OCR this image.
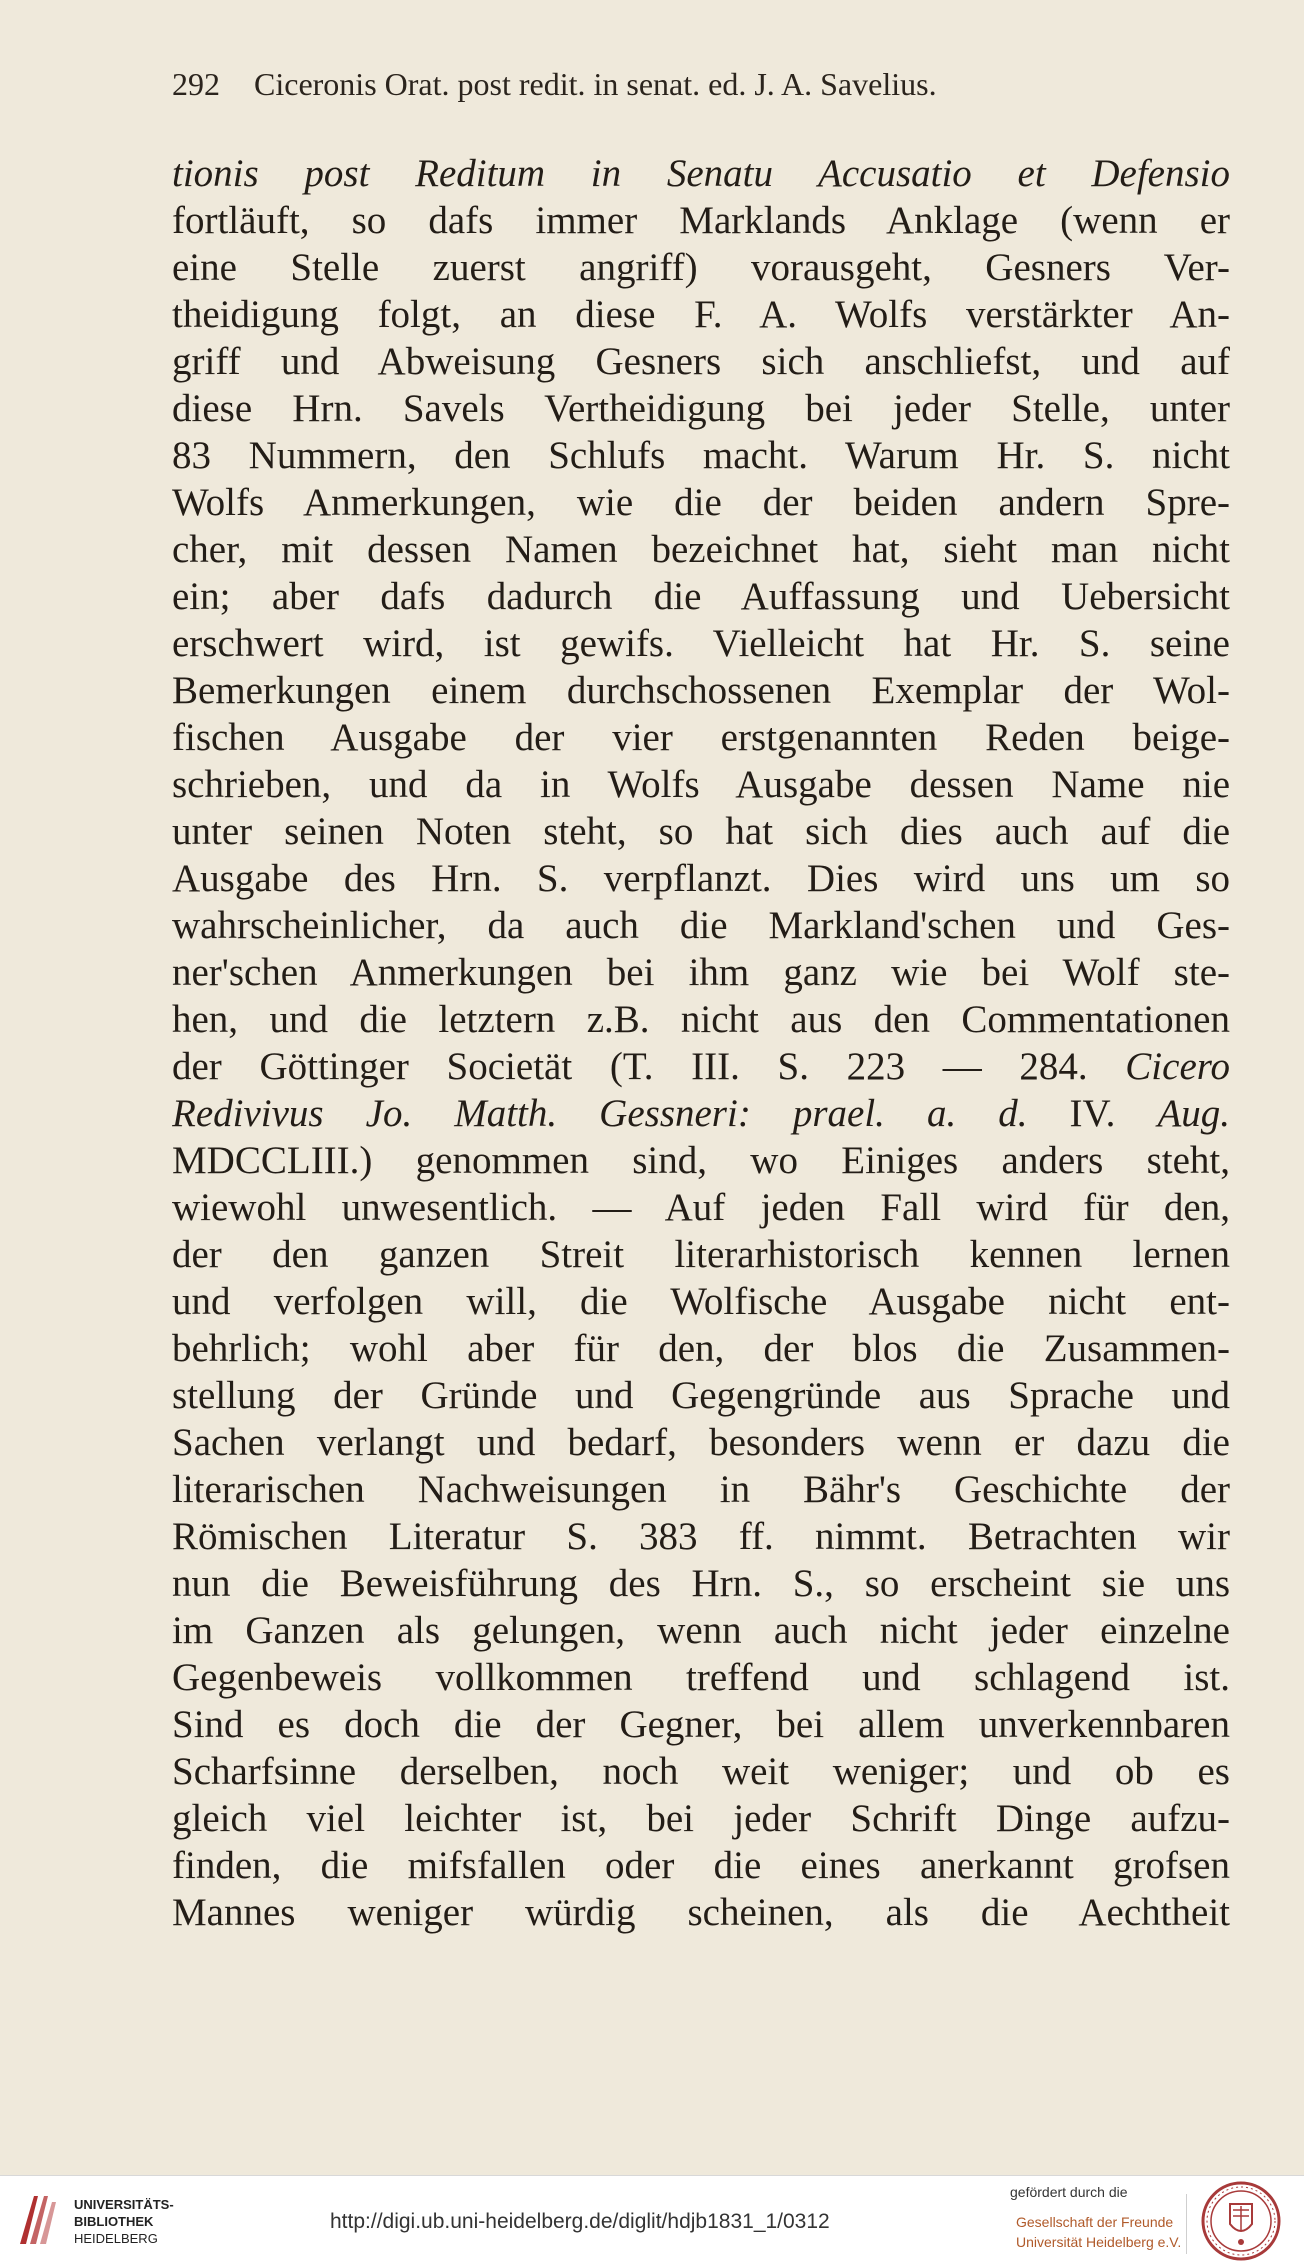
292 Ciceronis Orat. post redit. in senat. ed. J. A. Savelius.
tionis post Reditum in Senatu Accusatio et Defensio
fortläuft, so dafs immer Marklands Anklage (wenn er
eine Stelle zuerst angriff) vorausgeht, Gesners Ver-
theidigung folgt, an diese F. A. Wolfs verstärkter An-
griff und Abweisung Gesners sich anschliefst, und auf
diese Hrn. Savels Vertheidigung bei jeder Stelle, unter
83 Nummern, den Schlufs macht. Warum Hr. S. nicht
Wolfs Anmerkungen, wie die der beiden andern Spre-
cher, mit dessen Namen bezeichnet hat, sieht man nicht
ein; aber dafs dadurch die Auffassung und Uebersicht
erschwert wird, ist gewifs. Vielleicht hat Hr. S. seine
Bemerkungen einem durchschossenen Exemplar der Wol-
fischen Ausgabe der vier erstgenannten Reden beige-
schrieben, und da in Wolfs Ausgabe dessen Name nie
unter seinen Noten steht, so hat sich dies auch auf die
Ausgabe des Hrn. S. verpflanzt. Dies wird uns um so
wahrscheinlicher, da auch die Markland'schen und Ges-
ner'schen Anmerkungen bei ihm ganz wie bei Wolf ste-
hen, und die letztern z.B. nicht aus den Commentationen
der Göttinger Societät (T. III. S. 223 — 284. Cicero
Redivivus Jo. Matth. Gessneri: prael. a. d. IV. Aug.
MDCCLIII.) genommen sind, wo Einiges anders steht,
wiewohl unwesentlich. — Auf jeden Fall wird für den,
der den ganzen Streit literarhistorisch kennen lernen
und verfolgen will, die Wolfische Ausgabe nicht ent-
behrlich; wohl aber für den, der blos die Zusammen-
stellung der Gründe und Gegengründe aus Sprache und
Sachen verlangt und bedarf, besonders wenn er dazu die
literarischen Nachweisungen in Bähr's Geschichte der
Römischen Literatur S. 383 ff. nimmt. Betrachten wir
nun die Beweisführung des Hrn. S., so erscheint sie uns
im Ganzen als gelungen, wenn auch nicht jeder einzelne
Gegenbeweis vollkommen treffend und schlagend ist.
Sind es doch die der Gegner, bei allem unverkennbaren
Scharfsinne derselben, noch weit weniger; und ob es
gleich viel leichter ist, bei jeder Schrift Dinge aufzu-
finden, die mifsfallen oder die eines anerkannt grofsen
Mannes weniger würdig scheinen, als die Aechtheit
UNIVERSITÄTS-
BIBLIOTHEK
HEIDELBERG
http://digi.ub.uni-heidelberg.de/diglit/hdjb1831_1/0312
gefördert durch die
Gesellschaft der Freunde
Universität Heidelberg e.V.
